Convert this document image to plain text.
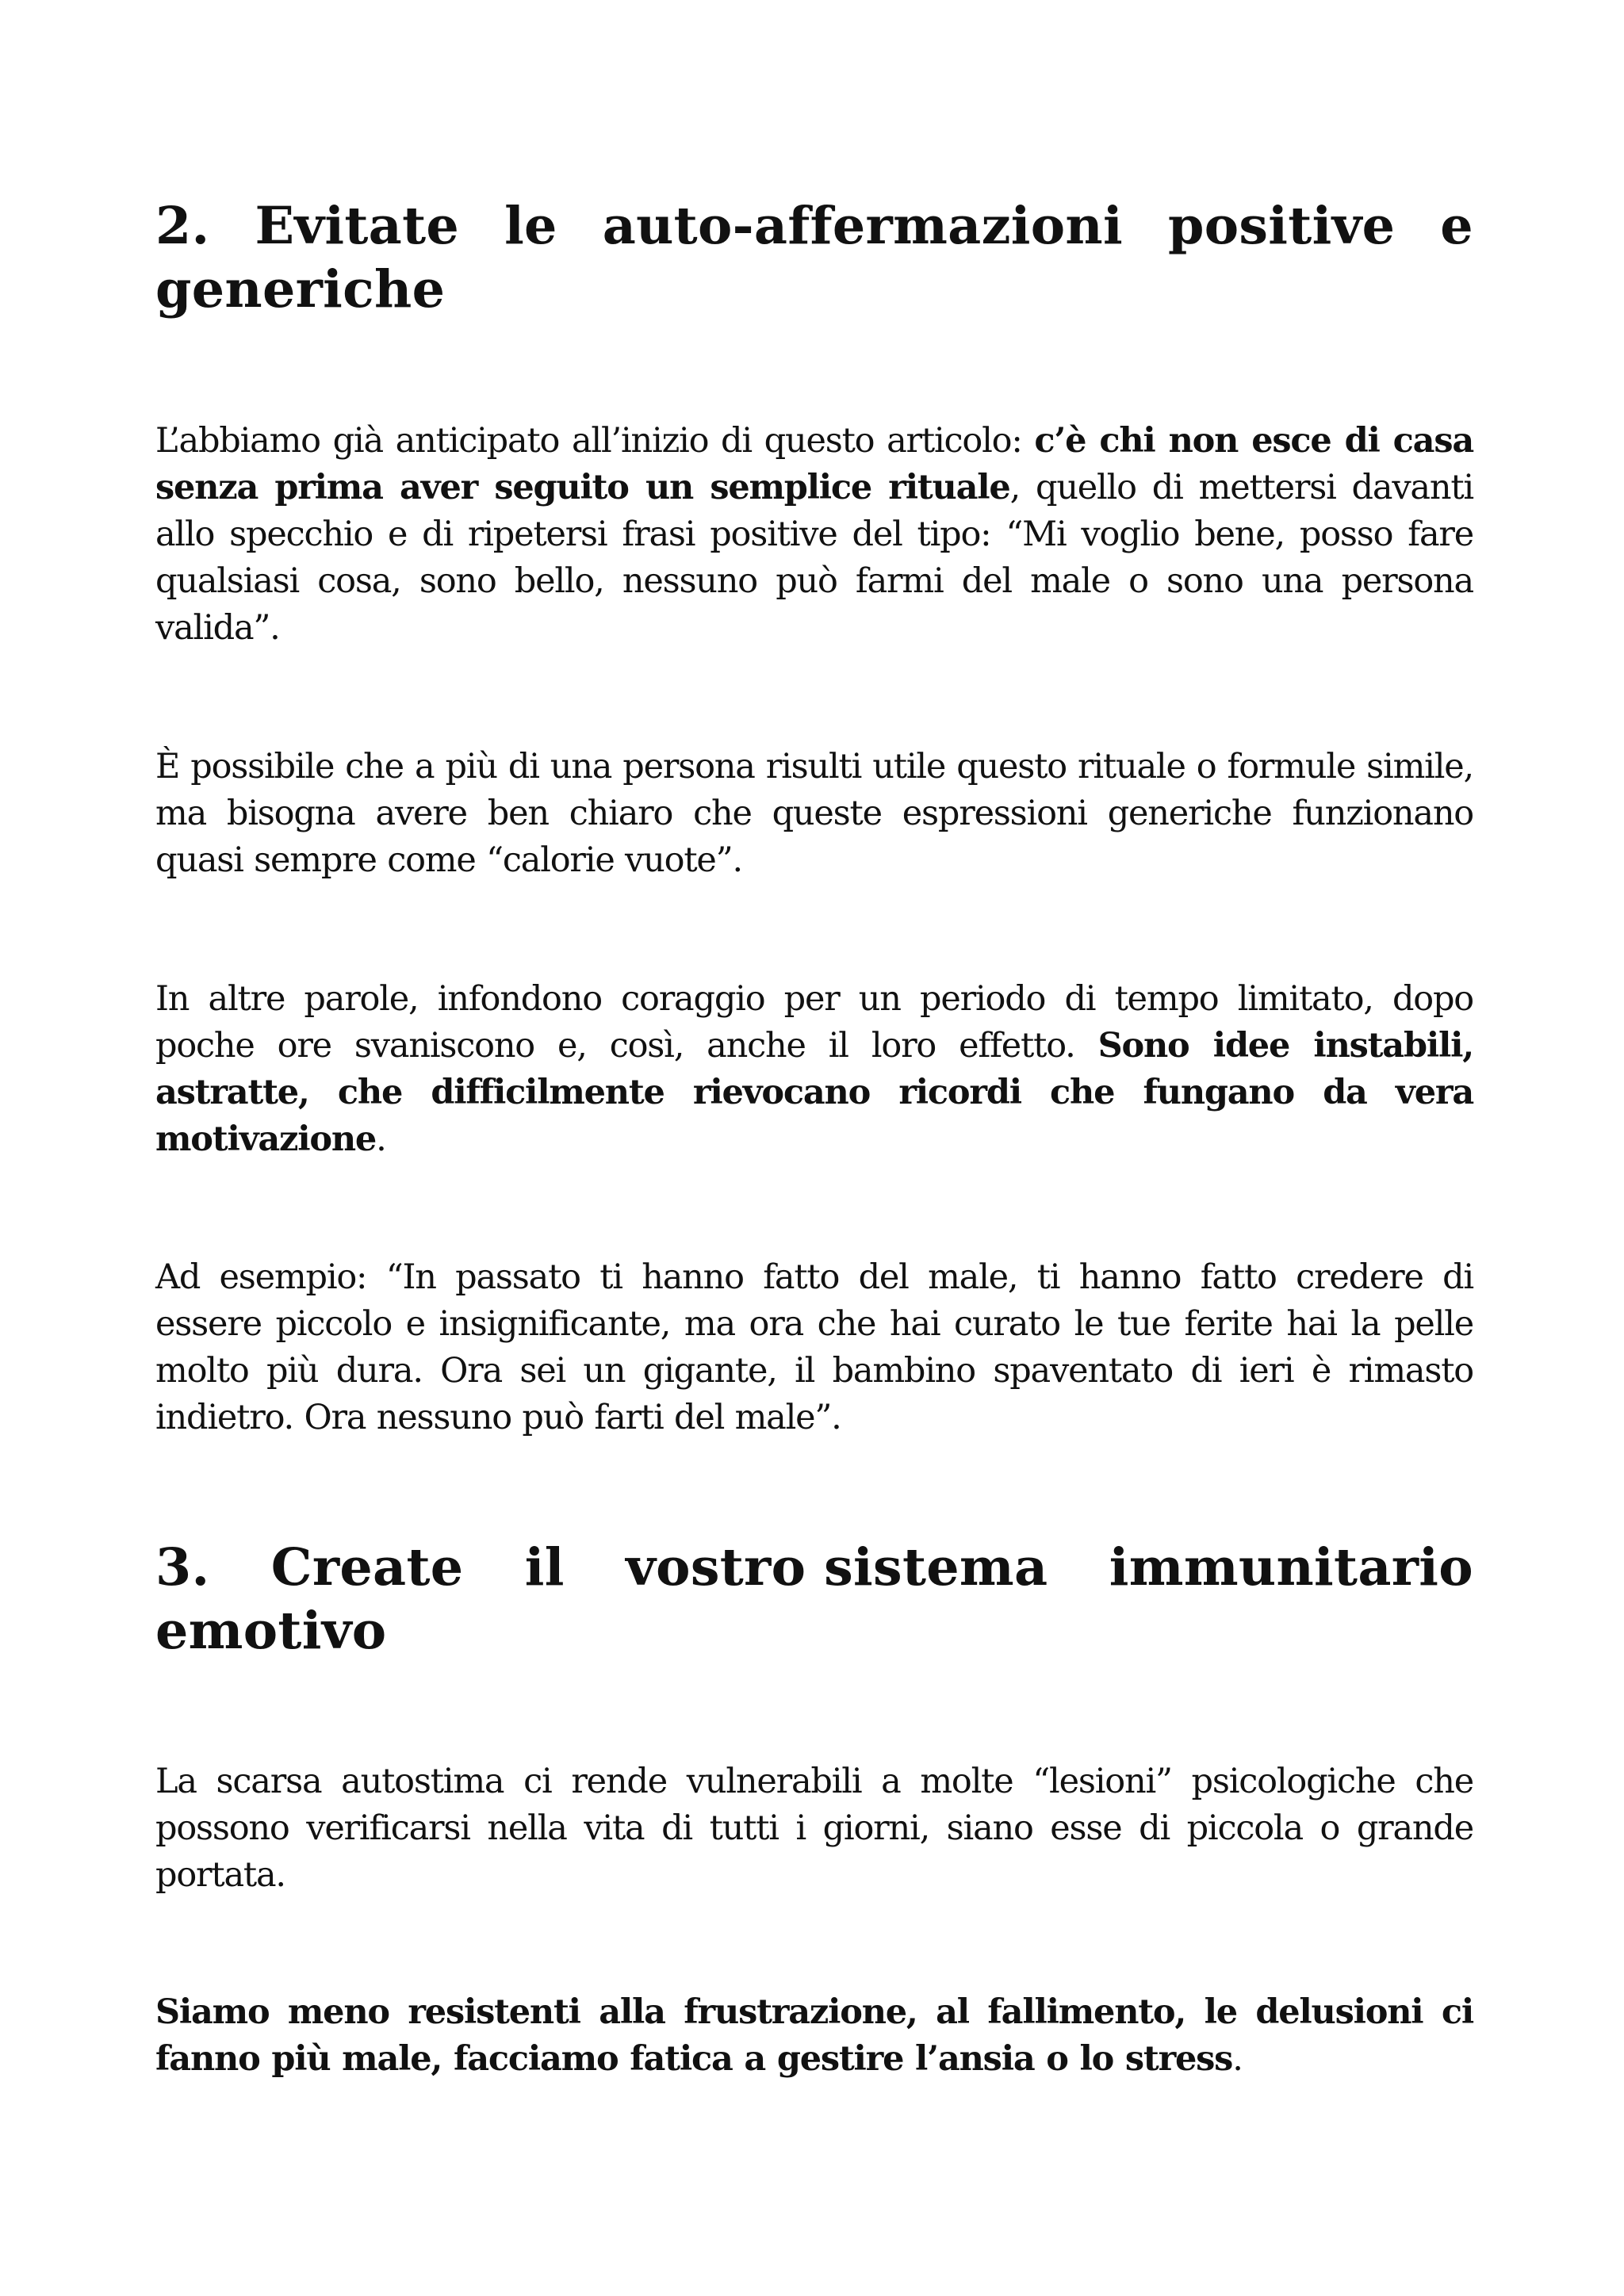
2. Evitate le auto-affermazioni positive e
generiche

L’abbiamo già anticipato all’inizio di questo articolo: c’è chi non esce di casa senza prima aver seguito un semplice rituale, quello di mettersi davanti allo specchio e di ripetersi frasi positive del tipo: “Mi voglio bene, posso fare qualsiasi cosa, sono bello, nessuno può farmi del male o sono una persona valida”.

È possibile che a più di una persona risulti utile questo rituale o formule simile, ma bisogna avere ben chiaro che queste espressioni generiche funzionano quasi sempre come “calorie vuote”.

In altre parole, infondono coraggio per un periodo di tempo limitato, dopo poche ore svaniscono e, così, anche il loro effetto. Sono idee instabili, astratte, che difficilmente rievocano ricordi che fungano da vera motivazione.

Ad esempio: “In passato ti hanno fatto del male, ti hanno fatto credere di essere piccolo e insignificante, ma ora che hai curato le tue ferite hai la pelle molto più dura. Ora sei un gigante, il bambino spaventato di ieri è rimasto indietro. Ora nessuno può farti del male”.

3. Create il vostro sistema immunitario
emotivo

La scarsa autostima ci rende vulnerabili a molte “lesioni” psicologiche che possono verificarsi nella vita di tutti i giorni, siano esse di piccola o grande portata.

Siamo meno resistenti alla frustrazione, al fallimento, le delusioni ci fanno più male, facciamo fatica a gestire l’ansia o lo stress.
